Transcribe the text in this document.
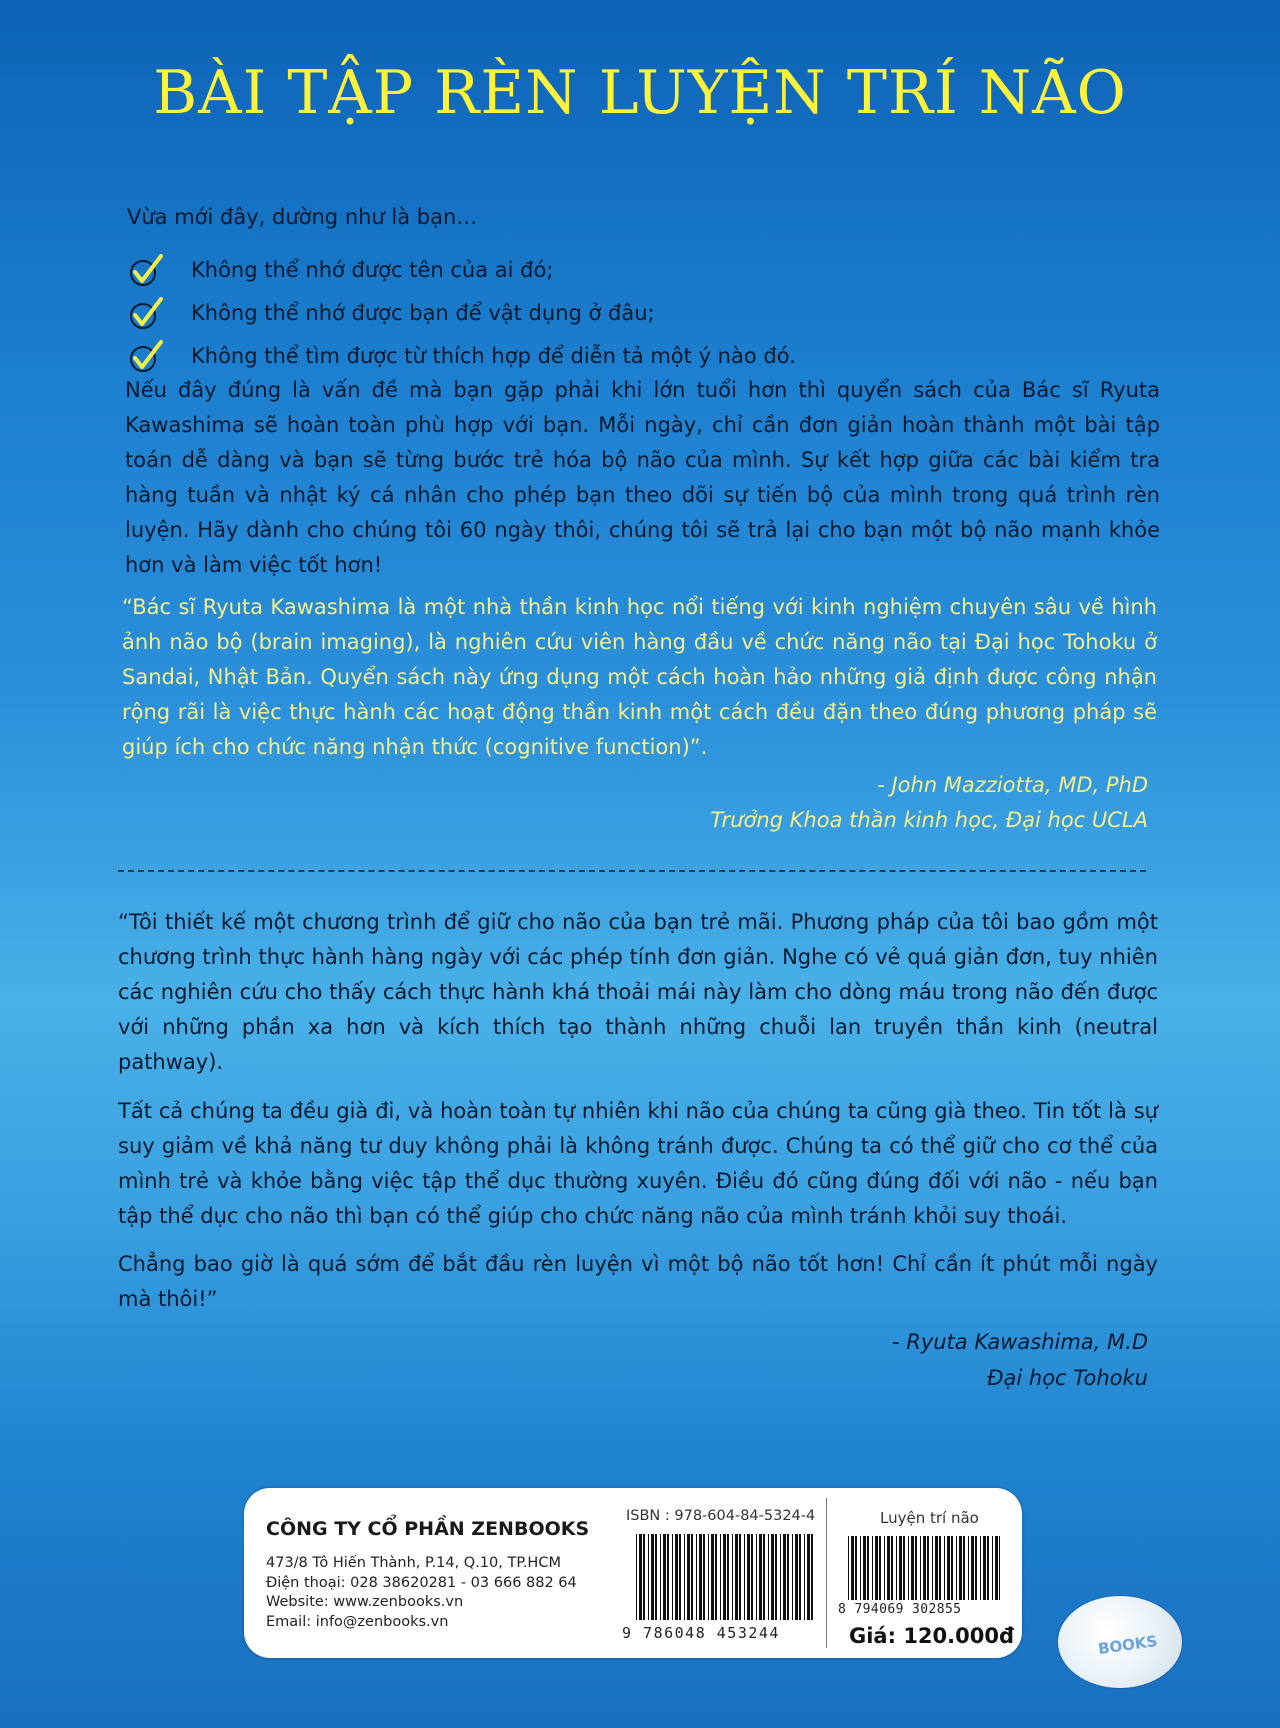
BÀI TẬP RÈN LUYỆN TRÍ NÃO
Vừa mới đây, dường như là bạn…
Không thể nhớ được tên của ai đó;
Không thể nhớ được bạn để vật dụng ở đâu;
Không thể tìm được từ thích hợp để diễn tả một ý nào đó.
Nếu đây đúng là vấn đề mà bạn gặp phải khi lớn tuổi hơn thì quyển sách của Bác sĩ Ryuta Kawashima sẽ hoàn toàn phù hợp với bạn. Mỗi ngày, chỉ cần đơn giản hoàn thành một bài tập toán dễ dàng và bạn sẽ từng bước trẻ hóa bộ não của mình. Sự kết hợp giữa các bài kiểm tra hàng tuần và nhật ký cá nhân cho phép bạn theo dõi sự tiến bộ của mình trong quá trình rèn luyện. Hãy dành cho chúng tôi 60 ngày thôi, chúng tôi sẽ trả lại cho bạn một bộ não mạnh khỏe hơn và làm việc tốt hơn!
“Bác sĩ Ryuta Kawashima là một nhà thần kinh học nổi tiếng với kinh nghiệm chuyên sâu về hình ảnh não bộ (brain imaging), là nghiên cứu viên hàng đầu về chức năng não tại Đại học Tohoku ở Sandai, Nhật Bản. Quyển sách này ứng dụng một cách hoàn hảo những giả định được công nhận rộng rãi là việc thực hành các hoạt động thần kinh một cách đều đặn theo đúng phương pháp sẽ giúp ích cho chức năng nhận thức (cognitive function)”.
- John Mazziotta, MD, PhD
Trưởng Khoa thần kinh học, Đại học UCLA
“Tôi thiết kế một chương trình để giữ cho não của bạn trẻ mãi. Phương pháp của tôi bao gồm một chương trình thực hành hàng ngày với các phép tính đơn giản. Nghe có vẻ quá giản đơn, tuy nhiên các nghiên cứu cho thấy cách thực hành khá thoải mái này làm cho dòng máu trong não đến được với những phần xa hơn và kích thích tạo thành những chuỗi lan truyền thần kinh (neutral pathway).
Tất cả chúng ta đều già đi, và hoàn toàn tự nhiên khi não của chúng ta cũng già theo. Tin tốt là sự suy giảm về khả năng tư duy không phải là không tránh được. Chúng ta có thể giữ cho cơ thể của mình trẻ và khỏe bằng việc tập thể dục thường xuyên. Điều đó cũng đúng đối với não - nếu bạn tập thể dục cho não thì bạn có thể giúp cho chức năng não của mình tránh khỏi suy thoái.
Chẳng bao giờ là quá sớm để bắt đầu rèn luyện vì một bộ não tốt hơn! Chỉ cần ít phút mỗi ngày mà thôi!”
- Ryuta Kawashima, M.D
Đại học Tohoku
CÔNG TY CỔ PHẦN ZENBOOKS
473/8 Tô Hiến Thành, P.14, Q.10, TP.HCM
Điện thoại: 028 38620281 - 03 666 882 64
Website: www.zenbooks.vn
Email: info@zenbooks.vn
ISBN : 978-604-84-5324-4
9 786048 453244
Luyện trí não
8 794069 302855
Giá: 120.000đ	BOOKS
